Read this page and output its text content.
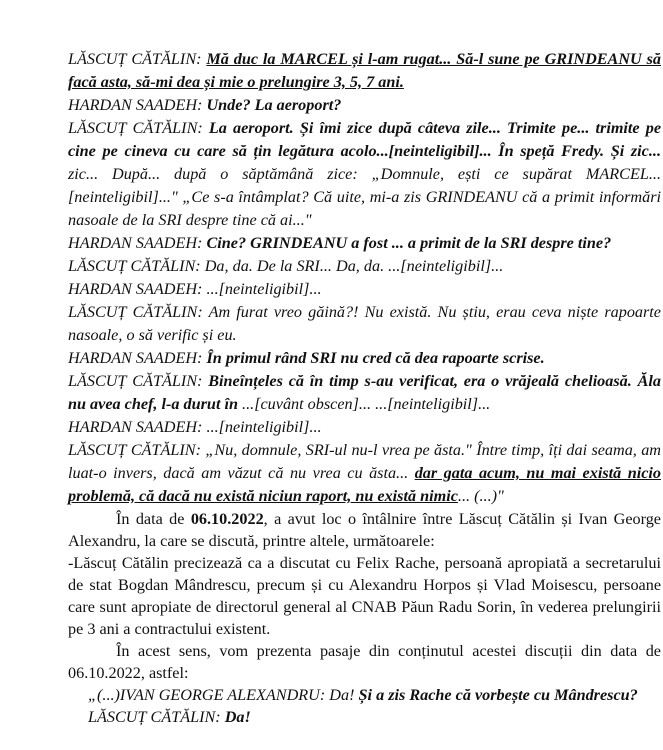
LĂSCUȚ CĂTĂLIN: Mă duc la MARCEL și l-am rugat... Să-l sune pe GRINDEANU să facă asta, să-mi dea și mie o prelungire 3, 5, 7 ani.

HARDAN SAADEH: Unde? La aeroport?

LĂSCUȚ CĂTĂLIN: La aeroport. Și îmi zice după câteva zile... Trimite pe... trimite pe cine pe cineva cu care să țin legătura acolo...[neinteligibil]... În speță Fredy. Și zic... zic... După... după o săptămână zice: „Domnule, ești ce supărat MARCEL...[neinteligibil]..." „Ce s-a întâmplat? Că uite, mi-a zis GRINDEANU că a primit informări nasoale de la SRI despre tine că ai..."

HARDAN SAADEH: Cine? GRINDEANU a fost ... a primit de la SRI despre tine?

LĂSCUȚ CĂTĂLIN: Da, da. De la SRI... Da, da. ...[neinteligibil]...

HARDAN SAADEH: ...[neinteligibil]...

LĂSCUȚ CĂTĂLIN: Am furat vreo găină?! Nu există. Nu știu, erau ceva niște rapoarte nasoale, o să verific și eu.

HARDAN SAADEH: În primul rând SRI nu cred că dea rapoarte scrise.

LĂSCUȚ CĂTĂLIN: Bineînțeles că în timp s-au verificat, era o vrăjeală chelioasă. Ăla nu avea chef, l-a durut în ...[cuvânt obscen]... ...[neinteligibil]...

HARDAN SAADEH: ...[neinteligibil]...

LĂSCUȚ CĂTĂLIN: „Nu, domnule, SRI-ul nu-l vrea pe ăsta." Între timp, îți dai seama, am luat-o invers, dacă am văzut că nu vrea cu ăsta... dar gata acum, nu mai există nicio problemă, că dacă nu există niciun raport, nu există nimic... (...)"

În data de 06.10.2022, a avut loc o întâlnire între Lăscuț Cătălin și Ivan George Alexandru, la care se discută, printre altele, următoarele:

-Lăscuț Cătălin precizează ca a discutat cu Felix Rache, persoană apropiată a secretarului de stat Bogdan Mândrescu, precum și cu Alexandru Horpos și Vlad Moisescu, persoane care sunt apropiate de directorul general al CNAB Păun Radu Sorin, în vederea prelungirii pe 3 ani a contractului existent.

În acest sens, vom prezenta pasaje din conținutul acestei discuții din data de 06.10.2022, astfel:

„(...)IVAN GEORGE ALEXANDRU: Da! Și a zis Rache că vorbește cu Mândrescu?

LĂSCUȚ CĂTĂLIN: Da!
